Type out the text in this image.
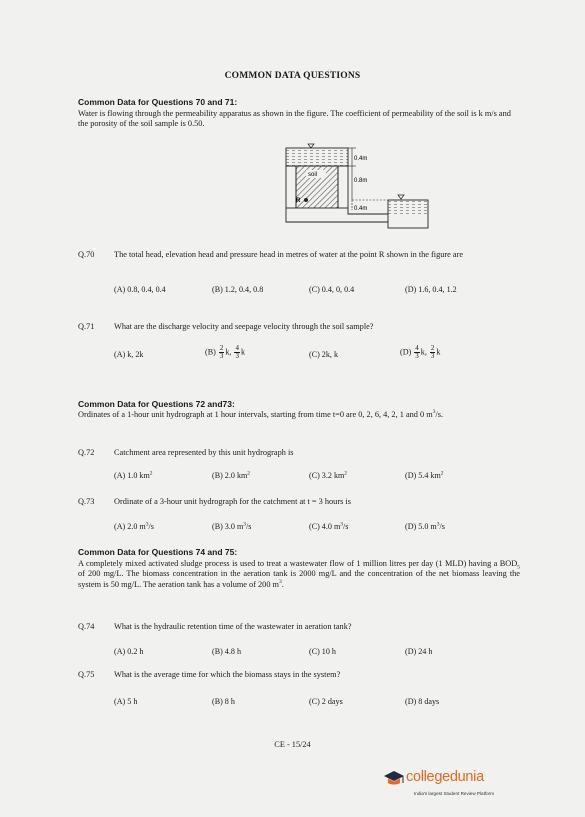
COMMON DATA QUESTIONS
Common Data for Questions 70 and 71:
Water is flowing through the permeability apparatus as shown in the figure. The coefficient of permeability of the soil is k m/s and the porosity of the soil sample is 0.50.
soil
R
0.4m
0.8m
0.4m
Q.70 The total head, elevation head and pressure head in metres of water at the point R shown in the figure are
(A) 0.8, 0.4, 0.4	(B) 1.2, 0.4, 0.8	(C) 0.4, 0, 0.4	(D) 1.6, 0.4, 1.2
Q.71 What are the discharge velocity and seepage velocity through the soil sample?
(A) k, 2k	$(B) \frac{2}{3} k$, $\frac{4}{3}$ k	(C) 2k, k	$(D) \frac{4}{3} k$, $\frac{2}{3}$ k
Common Data for Questions 72 and73:
Ordinates of a 1-hour unit hydrograph at 1 hour intervals, starting from time t=0 are 0, 2, 6, 4, 2, 1 and 0 $m^3/s$.
Q.72 Catchment area represented by this unit hydrograph is
(A) 1.0 $km^2$	(B) 2.0 $km^2$	(C) 3.2 $km^2$	(D) 5.4 $km^2$
Q.73 Ordinate of a 3-hour unit hydrograph for the catchment at t = 3 hours is
(A) 2.0 $m^3/s$	(B) 3.0 $m^3/s$	(C) 4.0 $m^3/s$	(D) 5.0 $m^3/s$
Common Data for Questions 74 and 75:
A completely mixed activated sludge process is used to treat a wastewater flow of 1 million litres per day (1 MLD) having a $BOD_5$ of 200 mg/L. The biomass concentration in the aeration tank is 2000 mg/L and the concentration of the net biomass leaving the system is 50 mg/L. The aeration tank has a volume of 200 $m^3$.
Q.74 What is the hydraulic retention time of the wastewater in aeration tank?
(A) 0.2 h	(B) 4.8 h	(C) 10 h	(D) 24 h
Q.75 What is the average time for which the biomass stays in the system?
(A) 5 h	(B) 8 h	(C) 2 days	(D) 8 days
CE - 15/24
collegedunia
India's largest Student Review Platform
